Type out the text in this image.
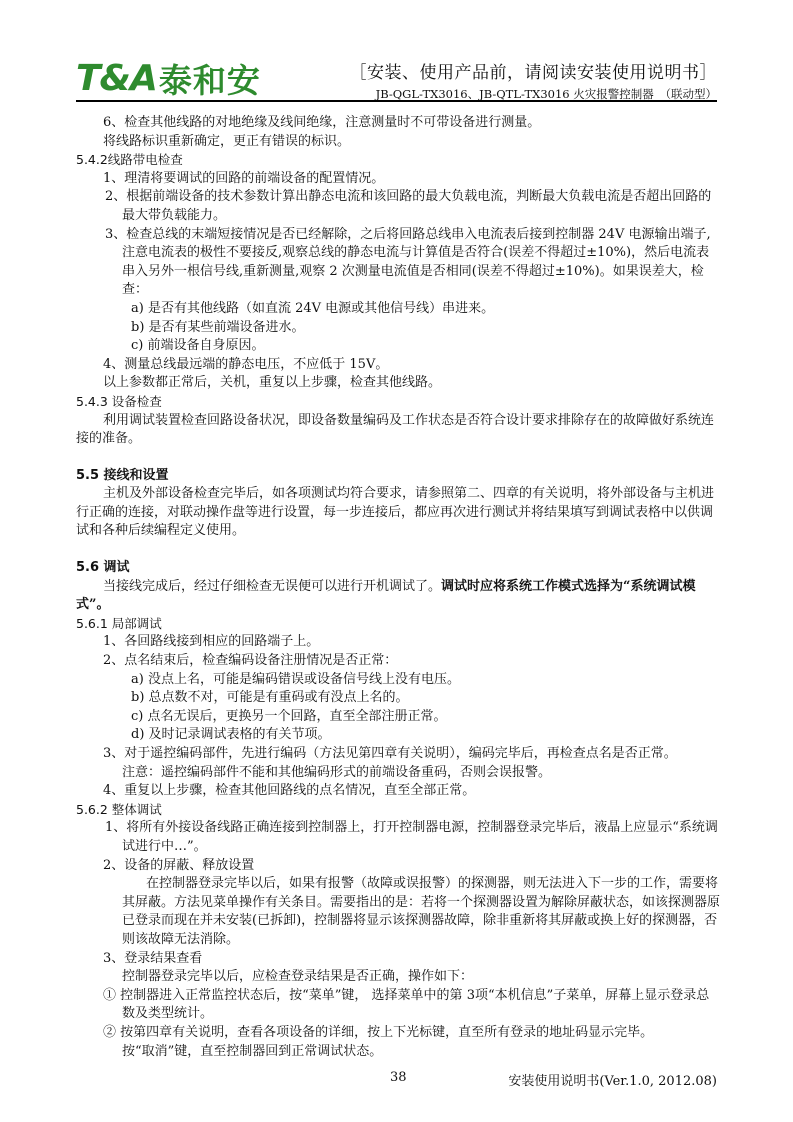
T&A 泰和安	［安装、使用产品前，请阅读安装使用说明书］
JB-QGL-TX3016、JB-QTL-TX3016 火灾报警控制器　（联动型）

6、检查其他线路的对地绝缘及线间绝缘，注意测量时不可带设备进行测量。

将线路标识重新确定，更正有错误的标识。

5.4.2线路带电检查

1、理清将要调试的回路的前端设备的配置情况。

2、根据前端设备的技术参数计算出静态电流和该回路的最大负载电流，判断最大负载电流是否超出回路的最大带负载能力。

3、检查总线的末端短接情况是否已经解除，之后将回路总线串入电流表后接到控制器 24V 电源输出端子,注意电流表的极性不要接反,观察总线的静态电流与计算值是否符合(误差不得超过±10%)，然后电流表串入另外一根信号线,重新测量,观察 2 次测量电流值是否相同(误差不得超过±10%)。如果误差大，检查：

a) 是否有其他线路（如直流 24V 电源或其他信号线）串进来。

b) 是否有某些前端设备进水。

c) 前端设备自身原因。

4、测量总线最远端的静态电压，不应低于 15V。

以上参数都正常后，关机，重复以上步骤，检查其他线路。

5.4.3 设备检查

利用调试装置检查回路设备状况，即设备数量编码及工作状态是否符合设计要求排除存在的故障做好系统连接的准备。

5.5 接线和设置

主机及外部设备检查完毕后，如各项测试均符合要求，请参照第二、四章的有关说明，将外部设备与主机进行正确的连接，对联动操作盘等进行设置，每一步连接后，都应再次进行测试并将结果填写到调试表格中以供调试和各种后续编程定义使用。

5.6 调试

当接线完成后，经过仔细检查无误便可以进行开机调试了。调试时应将系统工作模式选择为“系统调试模式”。

5.6.1 局部调试

1、各回路线接到相应的回路端子上。

2、点名结束后，检查编码设备注册情况是否正常：

a) 没点上名，可能是编码错误或设备信号线上没有电压。

b) 总点数不对，可能是有重码或有没点上名的。

c) 点名无误后，更换另一个回路，直至全部注册正常。

d) 及时记录调试表格的有关节项。

3、对于遥控编码部件，先进行编码（方法见第四章有关说明），编码完毕后，再检查点名是否正常。

注意：遥控编码部件不能和其他编码形式的前端设备重码，否则会误报警。

4、重复以上步骤，检查其他回路线的点名情况，直至全部正常。

5.6.2 整体调试

1、将所有外接设备线路正确连接到控制器上，打开控制器电源，控制器登录完毕后，液晶上应显示“系统调试进行中…”。

2、设备的屏蔽、释放设置

在控制器登录完毕以后，如果有报警（故障或误报警）的探测器，则无法进入下一步的工作，需要将其屏蔽。方法见菜单操作有关条目。需要指出的是：若将一个探测器设置为解除屏蔽状态，如该探测器原已登录而现在并未安装(已拆卸)，控制器将显示该探测器故障，除非重新将其屏蔽或换上好的探测器，否则该故障无法消除。

3、登录结果查看

控制器登录完毕以后，应检查登录结果是否正确，操作如下：

① 控制器进入正常监控状态后，按“菜单”键， 选择菜单中的第 3项“本机信息”子菜单，屏幕上显示登录总数及类型统计。

② 按第四章有关说明，查看各项设备的详细，按上下光标键，直至所有登录的地址码显示完毕。

按“取消”键，直至控制器回到正常调试状态。

38	安装使用说明书(Ver.1.0, 2012.08)
